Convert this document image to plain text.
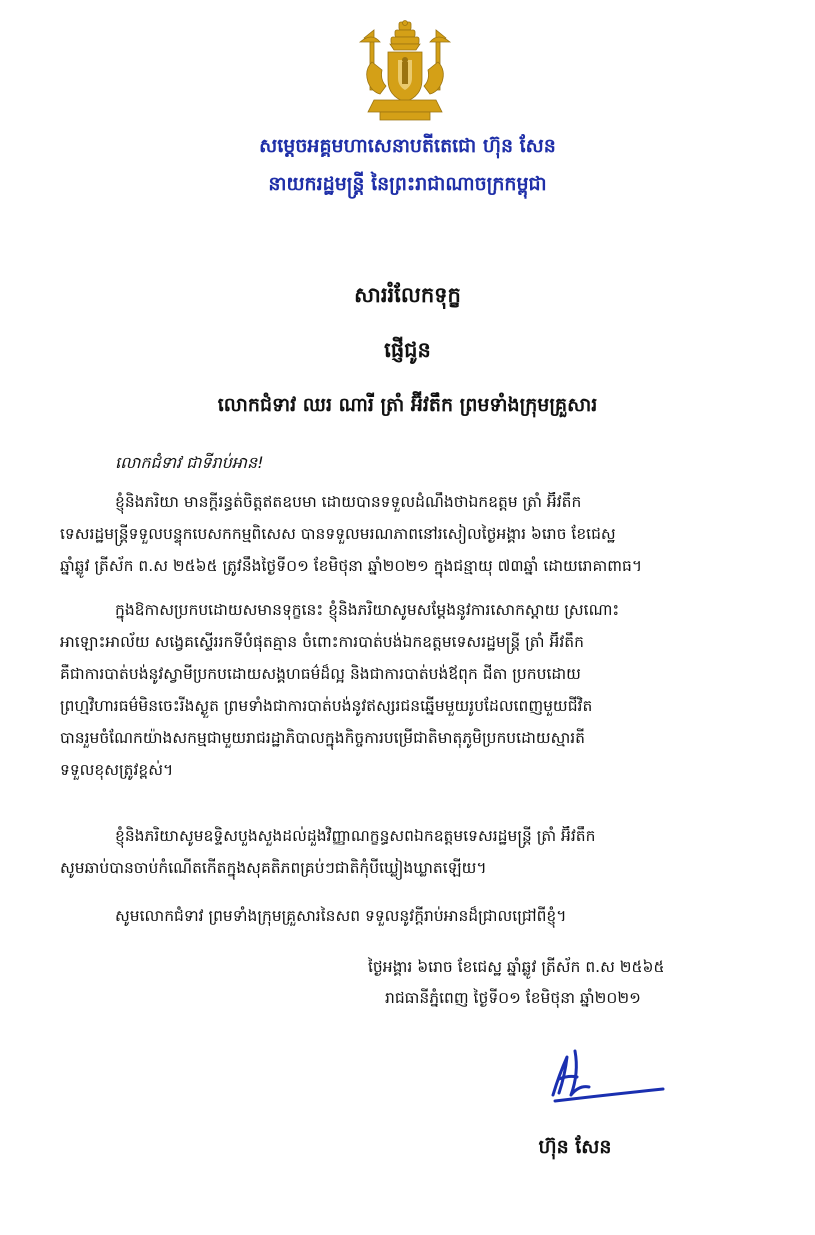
សម្តេចអគ្គមហាសេនាបតីតេជោ ហ៊ុន សែន
នាយករដ្ឋមន្ត្រី នៃព្រះរាជាណាចក្រកម្ពុជា
សាររំលែកទុក្ខ
ផ្ញើជូន
លោកជំទាវ ឈរ ណារី ត្រាំ អ៊ីវតឹក ព្រមទាំងក្រុមគ្រួសារ
លោកជំទាវ ជាទីរាប់អាន!
ខ្ញុំនិងភរិយា មានក្តីរន្ធត់ចិត្តឥតឧបមា ដោយបានទទួលដំណឹងថាឯកឧត្តម ត្រាំ អ៊ីវតឹក
ទេសរដ្ឋមន្ត្រីទទួលបន្ទុកបេសកកម្មពិសេស បានទទួលមរណភាពនៅរសៀលថ្ងៃអង្គារ ៦រោច ខែជេស្ឋ
ឆ្នាំឆ្លូវ ត្រីស័ក ព.ស ២៥៦៥ ត្រូវនឹងថ្ងៃទី០១ ខែមិថុនា ឆ្នាំ២០២១ ក្នុងជន្មាយុ ៧៣ឆ្នាំ ដោយរោគាពាធ។
ក្នុងឱកាសប្រកបដោយសមានទុក្ខនេះ ខ្ញុំនិងភរិយាសូមសម្តែងនូវការសោកស្តាយ ស្រណោះ
អាឡោះអាល័យ សង្វេគស្ទើររកទីបំផុតគ្មាន ចំពោះការបាត់បង់ឯកឧត្តមទេសរដ្ឋមន្ត្រី ត្រាំ អ៊ីវតឹក
គឺជាការបាត់បង់នូវស្វាមីប្រកបដោយសង្គហធម៌ដ៏ល្អ និងជាការបាត់បង់ឪពុក ជីតា ប្រកបដោយ
ព្រហ្មវិហារធម៌មិនចេះរីងស្ងួត ព្រមទាំងជាការបាត់បង់នូវឥស្សរជនឆ្នើមមួយរូបដែលពេញមួយជីវិត
បានរួមចំណែកយ៉ាងសកម្មជាមួយរាជរដ្ឋាភិបាលក្នុងកិច្ចការបម្រើជាតិមាតុភូមិប្រកបដោយស្មារតី
ទទួលខុសត្រូវខ្ពស់។
ខ្ញុំនិងភរិយាសូមឧទ្ទិសបួងសួងដល់ដួងវិញ្ញាណក្ខន្ធសពឯកឧត្តមទេសរដ្ឋមន្ត្រី ត្រាំ អ៊ីវតឹក
សូមឆាប់បានចាប់កំណើតកើតក្នុងសុគតិភពគ្រប់ៗជាតិកុំបីឃ្លៀងឃ្លាតឡើយ។
សូមលោកជំទាវ ព្រមទាំងក្រុមគ្រួសារនៃសព ទទួលនូវក្តីរាប់អានដ៏ជ្រាលជ្រៅពីខ្ញុំ។
ថ្ងៃអង្គារ ៦រោច ខែជេស្ឋ ឆ្នាំឆ្លូវ ត្រីស័ក ព.ស ២៥៦៥
រាជធានីភ្នំពេញ ថ្ងៃទី០១ ខែមិថុនា ឆ្នាំ២០២១
ហ៊ុន សែន
